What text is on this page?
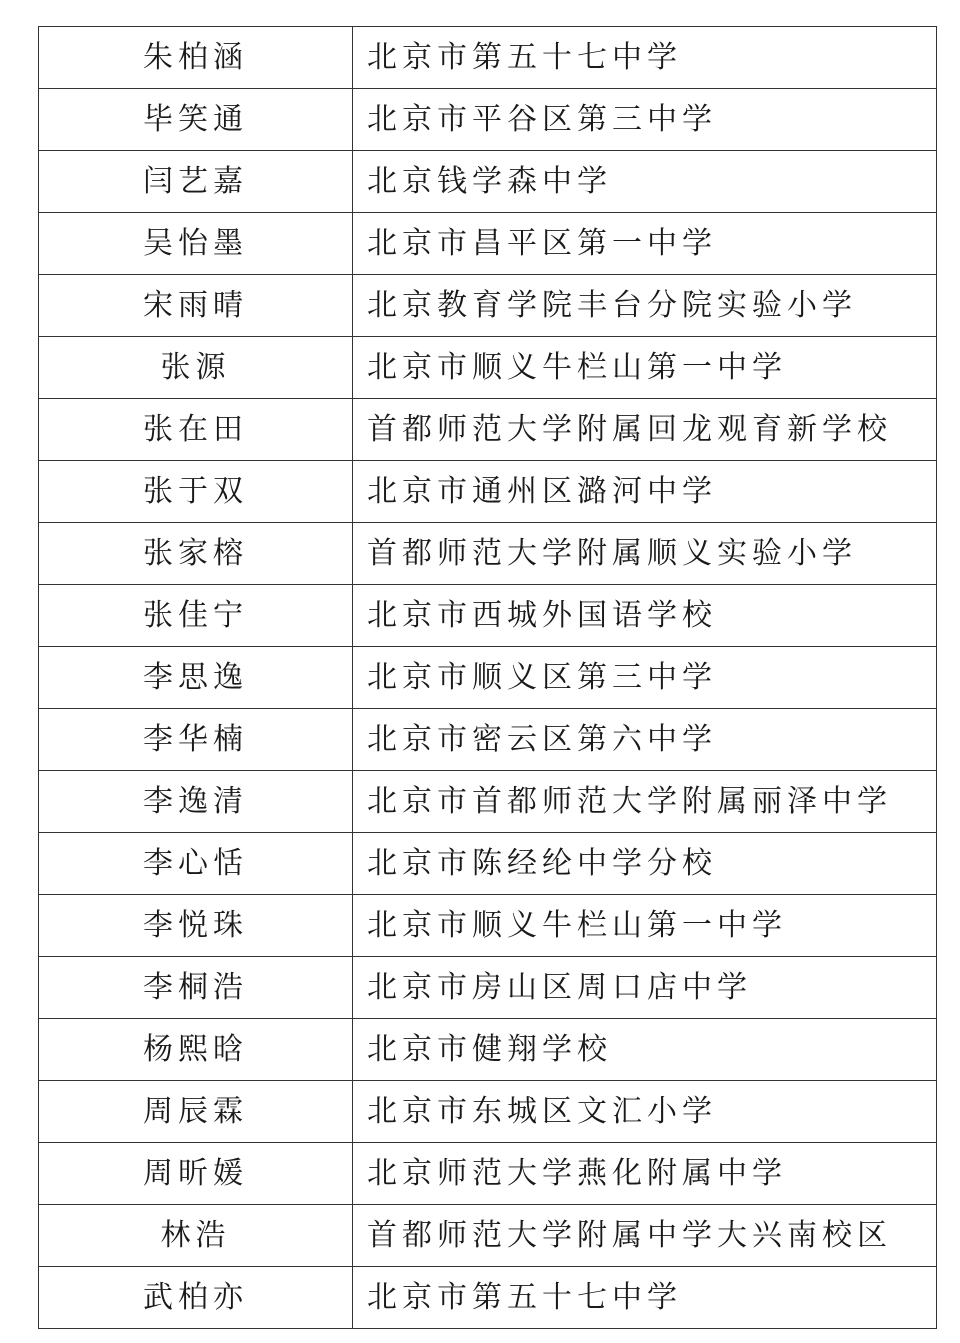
朱柏涵	北京市第五十七中学
毕笑通	北京市平谷区第三中学
闫艺嘉	北京钱学森中学
吴怡墨	北京市昌平区第一中学
宋雨晴	北京教育学院丰台分院实验小学
张源	北京市顺义牛栏山第一中学
张在田	首都师范大学附属回龙观育新学校
张于双	北京市通州区潞河中学
张家榕	首都师范大学附属顺义实验小学
张佳宁	北京市西城外国语学校
李思逸	北京市顺义区第三中学
李华楠	北京市密云区第六中学
李逸清	北京市首都师范大学附属丽泽中学
李心恬	北京市陈经纶中学分校
李悦珠	北京市顺义牛栏山第一中学
李桐浩	北京市房山区周口店中学
杨熙晗	北京市健翔学校
周辰霖	北京市东城区文汇小学
周昕媛	北京师范大学燕化附属中学
林浩	首都师范大学附属中学大兴南校区
武柏亦	北京市第五十七中学
